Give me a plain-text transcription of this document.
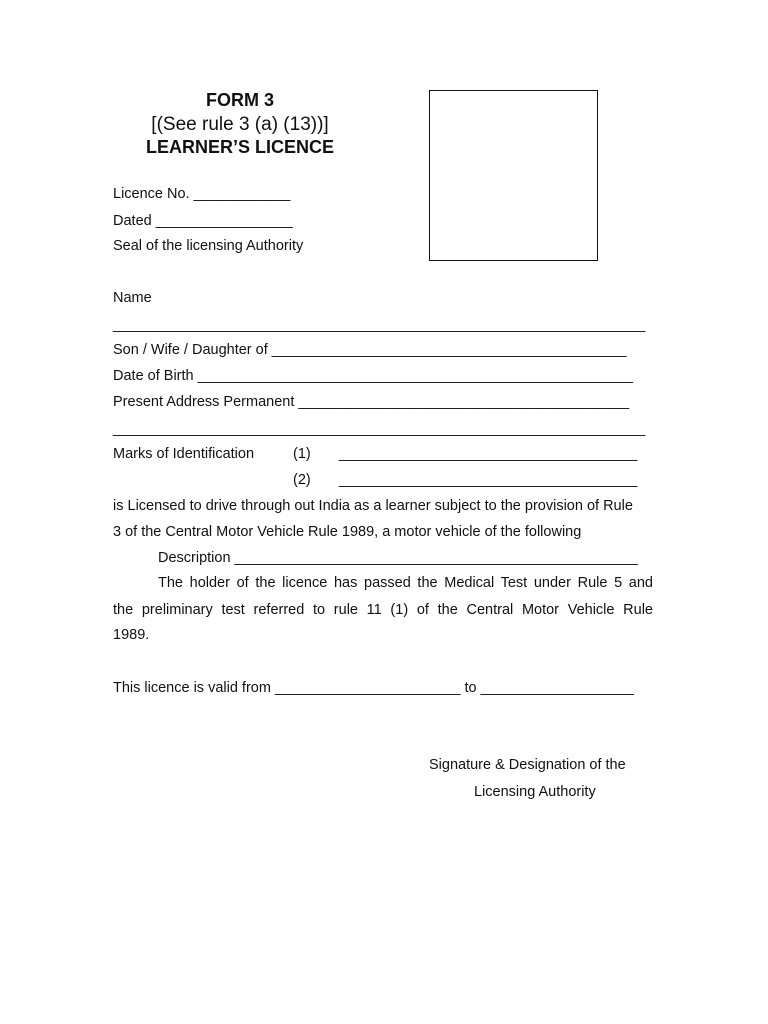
FORM 3
[(See rule 3 (a) (13))]
LEARNER’S LICENCE
Licence No. ____________
Dated _________________
Seal of the licensing Authority
Name
__________________________________________________________________
Son / Wife / Daughter of ____________________________________________
Date of Birth ______________________________________________________
Present Address Permanent _________________________________________
__________________________________________________________________
Marks of Identification	(1) _____________________________________
(2) _____________________________________
is Licensed to drive through out India as a learner subject to the provision of Rule
3 of the Central Motor Vehicle Rule 1989, a motor vehicle of the following
Description __________________________________________________
The holder of the licence has passed the Medical Test under Rule 5 and
the preliminary test referred to rule 11 (1) of the Central Motor Vehicle Rule
1989.
This licence is valid from _______________________ to ___________________
Signature & Designation of the
Licensing Authority
